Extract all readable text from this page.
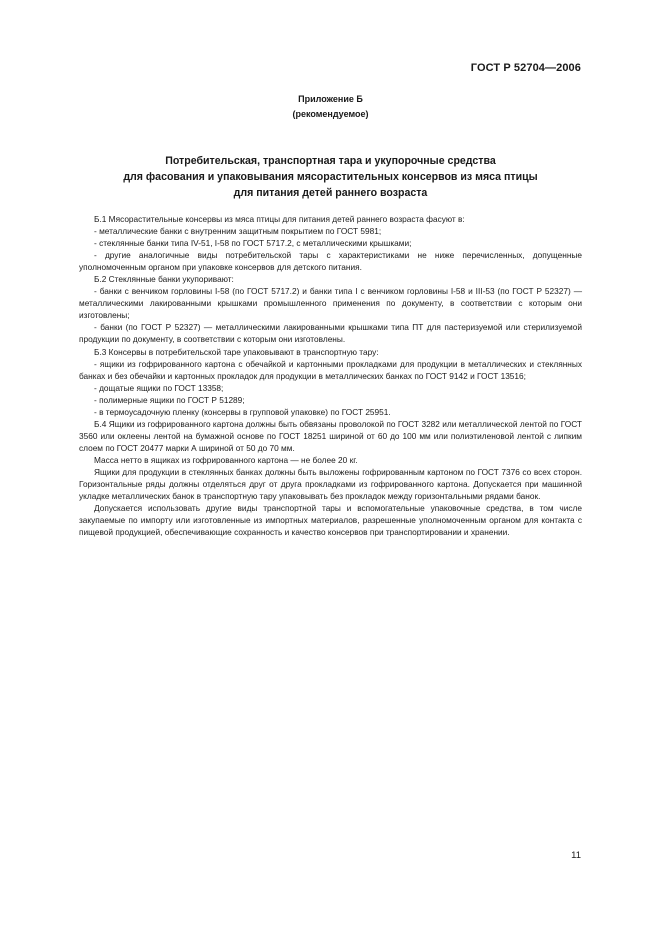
ГОСТ Р 52704—2006
Приложение Б
(рекомендуемое)
Потребительская, транспортная тара и укупорочные средства
для фасования и упаковывания мясорастительных консервов из мяса птицы
для питания детей раннего возраста

Б.1 Мясорастительные консервы из мяса птицы для питания детей раннего возраста фасуют в:

- металлические банки с внутренним защитным покрытием по ГОСТ 5981;

- стеклянные банки типа IV-51, I-58 по ГОСТ 5717.2, с металлическими крышками;

- другие аналогичные виды потребительской тары с характеристиками не ниже перечисленных, допущенные уполномоченным органом при упаковке консервов для детского питания.

Б.2 Стеклянные банки укупоривают:

- банки с венчиком горловины I-58 (по ГОСТ 5717.2) и банки типа I с венчиком горловины I-58 и III-53 (по ГОСТ Р 52327) — металлическими лакированными крышками промышленного применения по документу, в соответствии с которым они изготовлены;

- банки (по ГОСТ Р 52327) — металлическими лакированными крышками типа ПТ для пастеризуемой или стерилизуемой продукции по документу, в соответствии с которым они изготовлены.

Б.3 Консервы в потребительской таре упаковывают в транспортную тару:

- ящики из гофрированного картона с обечайкой и картонными прокладками для продукции в металлических и стеклянных банках и без обечайки и картонных прокладок для продукции в металлических банках по ГОСТ 9142 и ГОСТ 13516;

- дощатые ящики по ГОСТ 13358;

- полимерные ящики по ГОСТ Р 51289;

- в термоусадочную пленку (консервы в групповой упаковке) по ГОСТ 25951.

Б.4 Ящики из гофрированного картона должны быть обвязаны проволокой по ГОСТ 3282 или металлической лентой по ГОСТ 3560 или оклеены лентой на бумажной основе по ГОСТ 18251 шириной от 60 до 100 мм или полиэтиленовой лентой с липким слоем по ГОСТ 20477 марки А шириной от 50 до 70 мм.

Масса нетто в ящиках из гофрированного картона — не более 20 кг.

Ящики для продукции в стеклянных банках должны быть выложены гофрированным картоном по ГОСТ 7376 со всех сторон. Горизонтальные ряды должны отделяться друг от друга прокладками из гофрированного картона. Допускается при машинной укладке металлических банок в транспортную тару упаковывать без прокладок между горизонтальными рядами банок.

Допускается использовать другие виды транспортной тары и вспомогательные упаковочные средства, в том числе закупаемые по импорту или изготовленные из импортных материалов, разрешенные уполномоченным органом для контакта с пищевой продукцией, обеспечивающие сохранность и качество консервов при транспортировании и хранении.

11
